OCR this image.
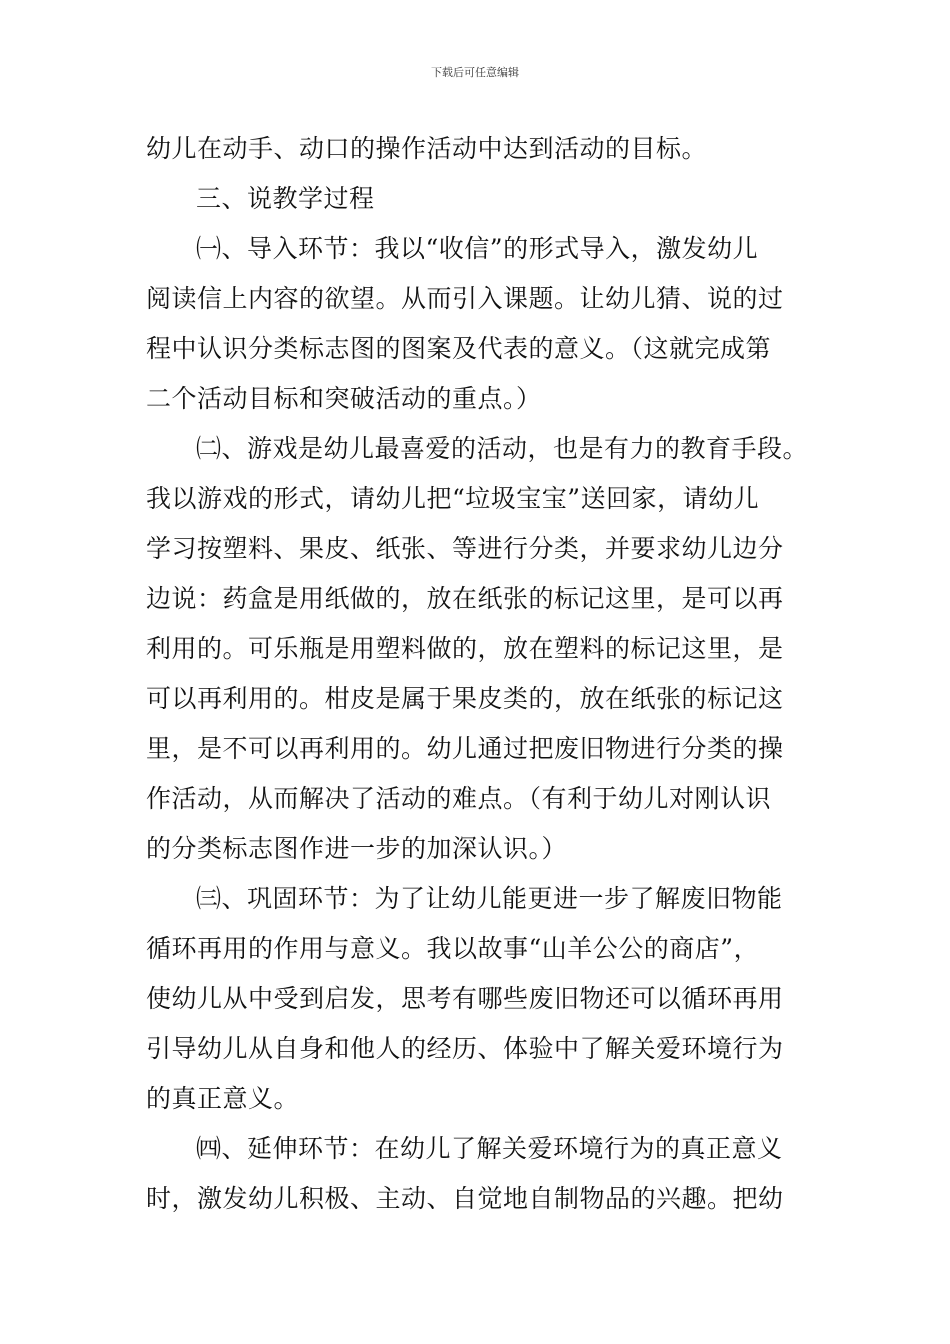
下载后可任意编辑
幼儿在动手、动口的操作活动中达到活动的目标。
三、说教学过程
㈠、导入环节：我以“收信”的形式导入，激发幼儿
阅读信上内容的欲望。从而引入课题。让幼儿猜、说的过
程中认识分类标志图的图案及代表的意义。（这就完成第
二个活动目标和突破活动的重点。）
㈡、游戏是幼儿最喜爱的活动，也是有力的教育手段。
我以游戏的形式，请幼儿把“垃圾宝宝”送回家，请幼儿
学习按塑料、果皮、纸张、等进行分类，并要求幼儿边分
边说：药盒是用纸做的，放在纸张的标记这里，是可以再
利用的。可乐瓶是用塑料做的，放在塑料的标记这里，是
可以再利用的。柑皮是属于果皮类的，放在纸张的标记这
里，是不可以再利用的。幼儿通过把废旧物进行分类的操
作活动，从而解决了活动的难点。（有利于幼儿对刚认识
的分类标志图作进一步的加深认识。）
㈢、巩固环节：为了让幼儿能更进一步了解废旧物能
循环再用的作用与意义。我以故事“山羊公公的商店”，
使幼儿从中受到启发，思考有哪些废旧物还可以循环再用
引导幼儿从自身和他人的经历、体验中了解关爱环境行为
的真正意义。
㈣、延伸环节：在幼儿了解关爱环境行为的真正意义
时，激发幼儿积极、主动、自觉地自制物品的兴趣。把幼
